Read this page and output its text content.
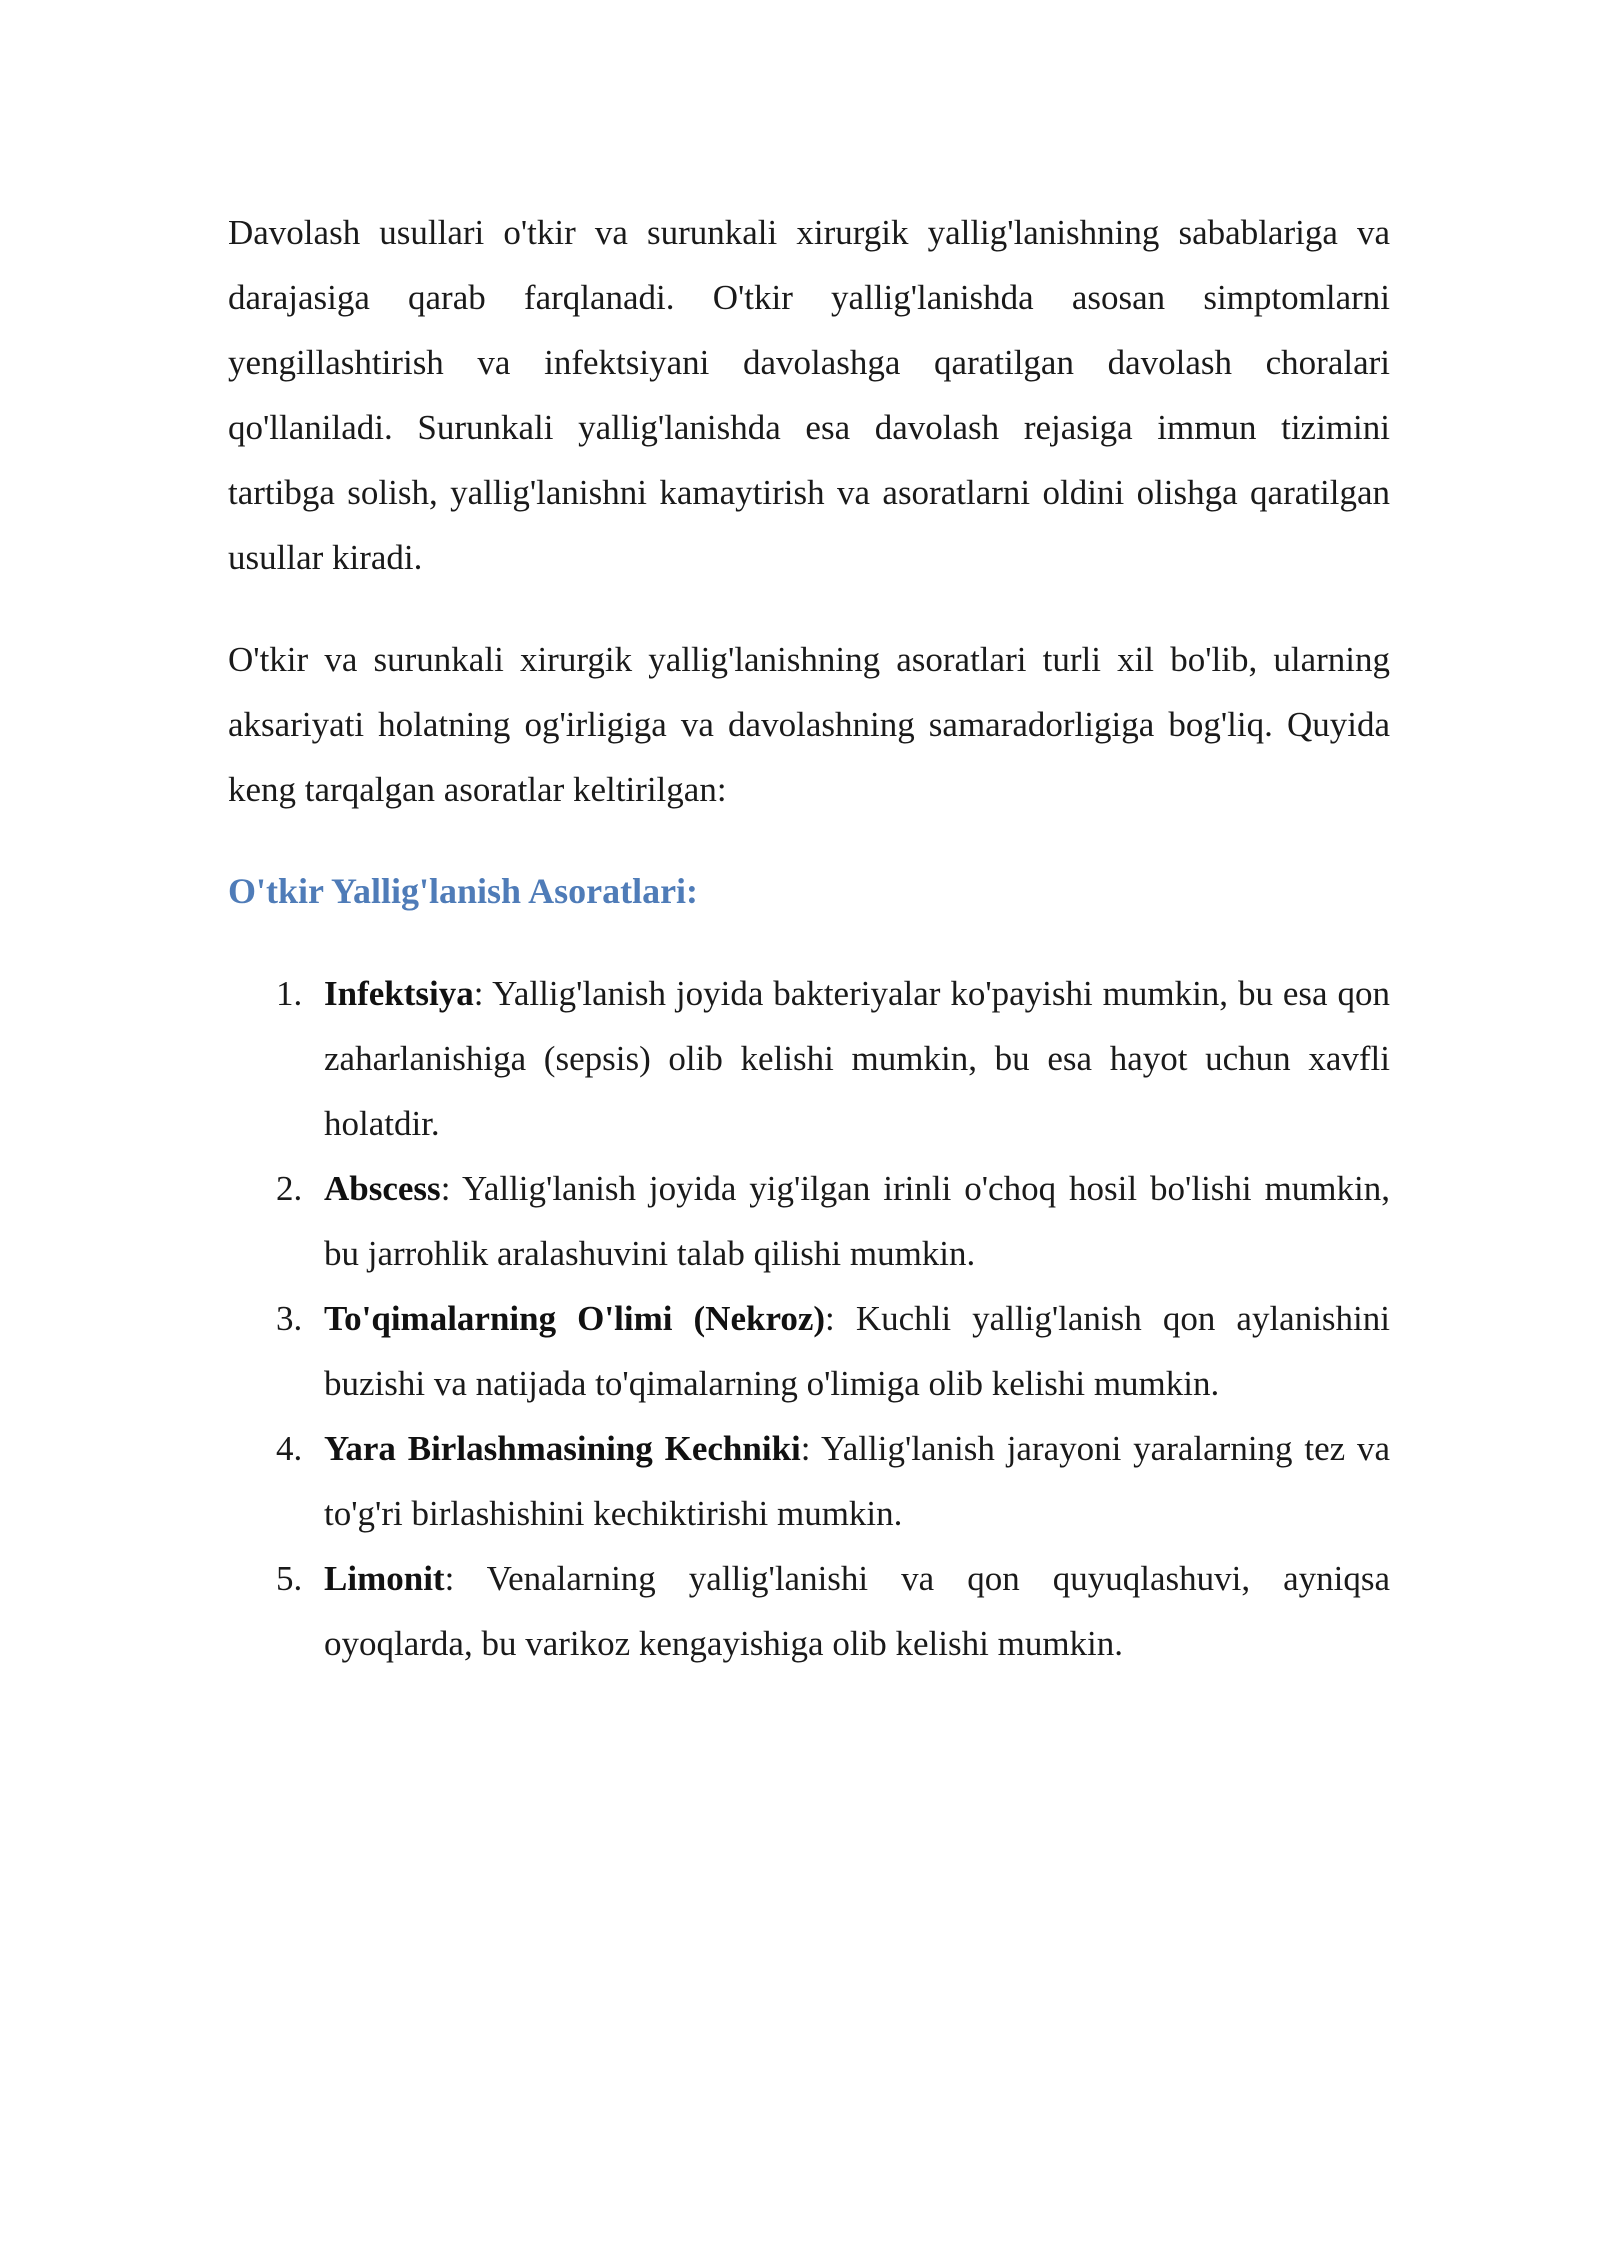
Davolash usullari o'tkir va surunkali xirurgik yallig'lanishning sabablariga va darajasiga qarab farqlanadi. O'tkir yallig'lanishda asosan simptomlarni yengillashtirish va infektsiyani davolashga qaratilgan davolash choralari qo'llaniladi. Surunkali yallig'lanishda esa davolash rejasiga immun tizimini tartibga solish, yallig'lanishni kamaytirish va asoratlarni oldini olishga qaratilgan usullar kiradi.

O'tkir va surunkali xirurgik yallig'lanishning asoratlari turli xil bo'lib, ularning aksariyati holatning og'irligiga va davolashning samaradorligiga bog'liq. Quyida keng tarqalgan asoratlar keltirilgan:

O'tkir Yallig'lanish Asoratlari:
1. Infektsiya: Yallig'lanish joyida bakteriyalar ko'payishi mumkin, bu esa qon zaharlanishiga (sepsis) olib kelishi mumkin, bu esa hayot uchun xavfli holatdir.
2. Abscess: Yallig'lanish joyida yig'ilgan irinli o'choq hosil bo'lishi mumkin, bu jarrohlik aralashuvini talab qilishi mumkin.
3. To'qimalarning O'limi (Nekroz): Kuchli yallig'lanish qon aylanishini buzishi va natijada to'qimalarning o'limiga olib kelishi mumkin.
4. Yara Birlashmasining Kechniki: Yallig'lanish jarayoni yaralarning tez va to'g'ri birlashishini kechiktirishi mumkin.
5. Limonit: Venalarning yallig'lanishi va qon quyuqlashuvi, ayniqsa oyoqlarda, bu varikoz kengayishiga olib kelishi mumkin.
